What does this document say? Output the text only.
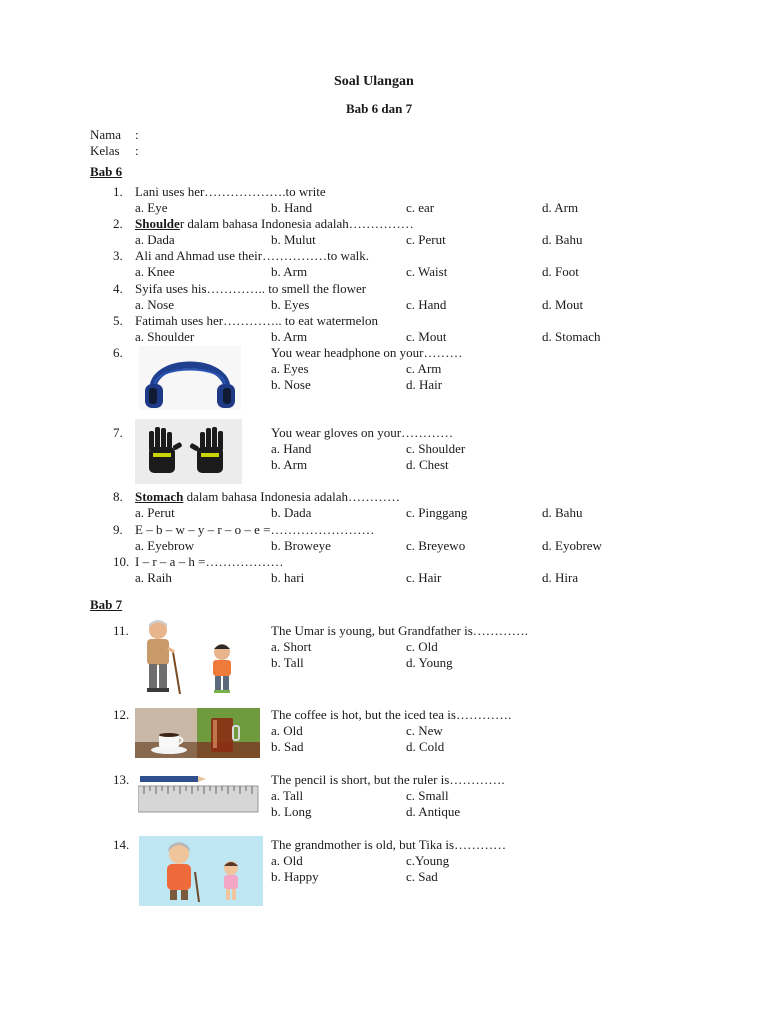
Soal Ulangan
Bab 6 dan 7
Nama :
Kelas :
Bab 6
1. Lani uses her……………….to write
a. Eye	b. Hand	c. ear	d. Arm
2. Shoulder dalam bahasa Indonesia adalah……………
a. Dada	b. Mulut	c. Perut	d. Bahu
3. Ali and Ahmad use their……………to walk.
a. Knee	b. Arm	c. Waist	d. Foot
4. Syifa uses his………….. to smell the flower
a. Nose	b. Eyes	c. Hand	d. Mout
5. Fatimah uses her………….. to eat watermelon
a. Shoulder	b. Arm	c. Mout	d. Stomach
6.	You wear headphone on your………
a. Eyes	c. Arm
b. Nose	d. Hair
7.	You wear gloves on your…………
a. Hand	c. Shoulder
b. Arm	d. Chest
8. Stomach dalam bahasa Indonesia adalah…………
a. Perut	b. Dada	c. Pinggang	d. Bahu
9. E – b – w – y – r – o – e =……………………
a. Eyebrow	b. Broweye	c. Breyewo	d. Eyobrew
10. I – r – a – h =………………
a. Raih	b. hari	c. Hair	d. Hira
Bab 7
11.	The Umar is young, but Grandfather is………….
a. Short	c. Old
b. Tall	d. Young
12.	The coffee is hot, but the iced tea is………….
a. Old	c. New
b. Sad	d. Cold
13.	The pencil is short, but the ruler is………….
a. Tall	c. Small
b. Long	d. Antique
14.	The grandmother is old, but Tika is…………
a. Old	c.Young
b. Happy	c. Sad
